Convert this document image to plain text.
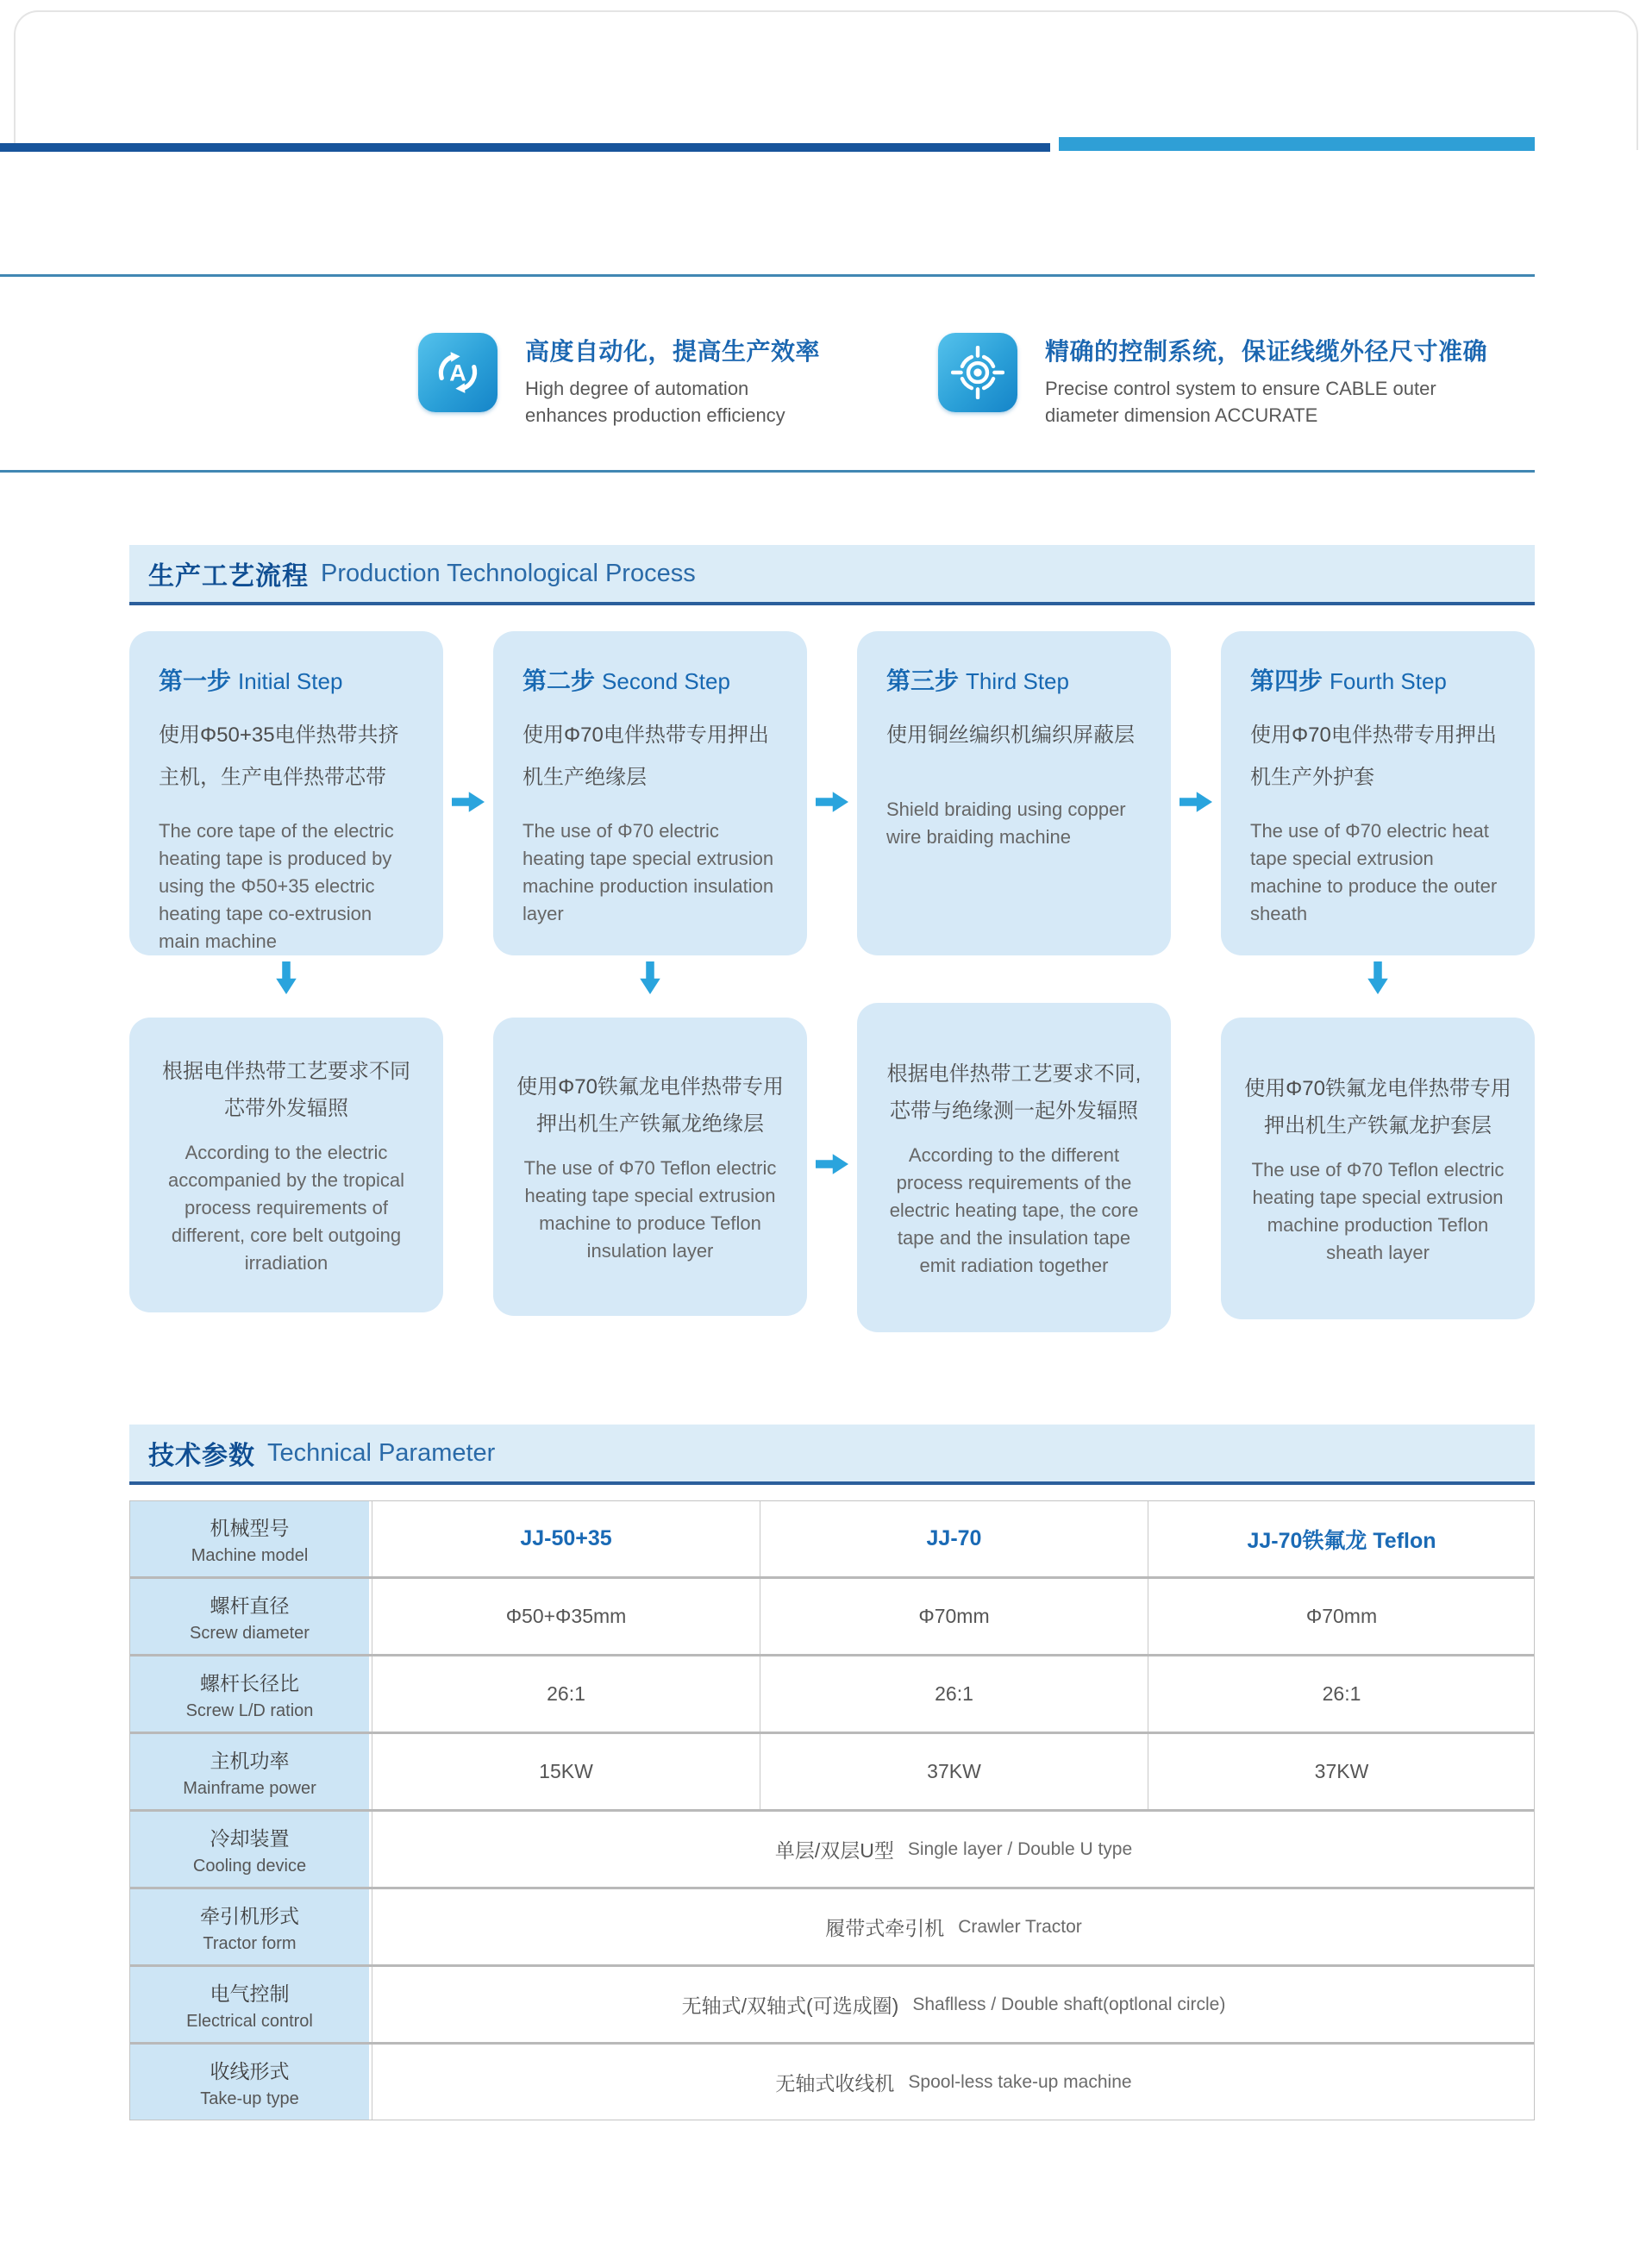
A
高度自动化，提高生产效率
High degree of automation enhances production efficiency
精确的控制系统，保证线缆外径尺寸准确
Precise control system to ensure CABLE outer diameter dimension ACCURATE
生产工艺流程 Production Technological Process
第一步 Initial Step
使用Φ50+35电伴热带共挤主机，生产电伴热带芯带
The core tape of the electric heating tape is produced by using the Φ50+35 electric heating tape co-extrusion main machine
第二步 Second Step
使用Φ70电伴热带专用押出机生产绝缘层
The use of Φ70 electric heating tape special extrusion machine production insulation layer
第三步 Third Step
使用铜丝编织机编织屏蔽层
Shield braiding using copper wire braiding machine
第四步 Fourth Step
使用Φ70电伴热带专用押出机生产外护套
The use of Φ70 electric heat tape special extrusion machine to produce the outer sheath
根据电伴热带工艺要求不同 芯带外发辐照
According to the electric accompanied by the tropical process requirements of different, core belt outgoing irradiation
使用Φ70铁氟龙电伴热带专用押出机生产铁氟龙绝缘层
The use of Φ70 Teflon electric heating tape special extrusion machine to produce Teflon insulation layer
根据电伴热带工艺要求不同, 芯带与绝缘测一起外发辐照
According to the different process requirements of the electric heating tape, the core tape and the insulation tape emit radiation together
使用Φ70铁氟龙电伴热带专用押出机生产铁氟龙护套层
The use of Φ70 Teflon electric heating tape special extrusion machine production Teflon sheath layer
技术参数 Technical Parameter
机械型号
Machine model
JJ-50+35	JJ-70	JJ-70铁氟龙 Teflon
螺杆直径
Screw diameter
Φ50+Φ35mm	Φ70mm	Φ70mm
螺杆长径比
Screw L/D ration
26:1	26:1	26:1
主机功率
Mainframe power
15KW	37KW	37KW
冷却装置
Cooling device
单层/双层U型 Single layer / Double U type
牵引机形式
Tractor form
履带式牵引机 Crawler Tractor
电气控制
Electrical control
无轴式/双轴式(可选成圈) Shaflless / Double shaft(optlonal circle)
收线形式
Take-up type
无轴式收线机 Spool-less take-up machine
